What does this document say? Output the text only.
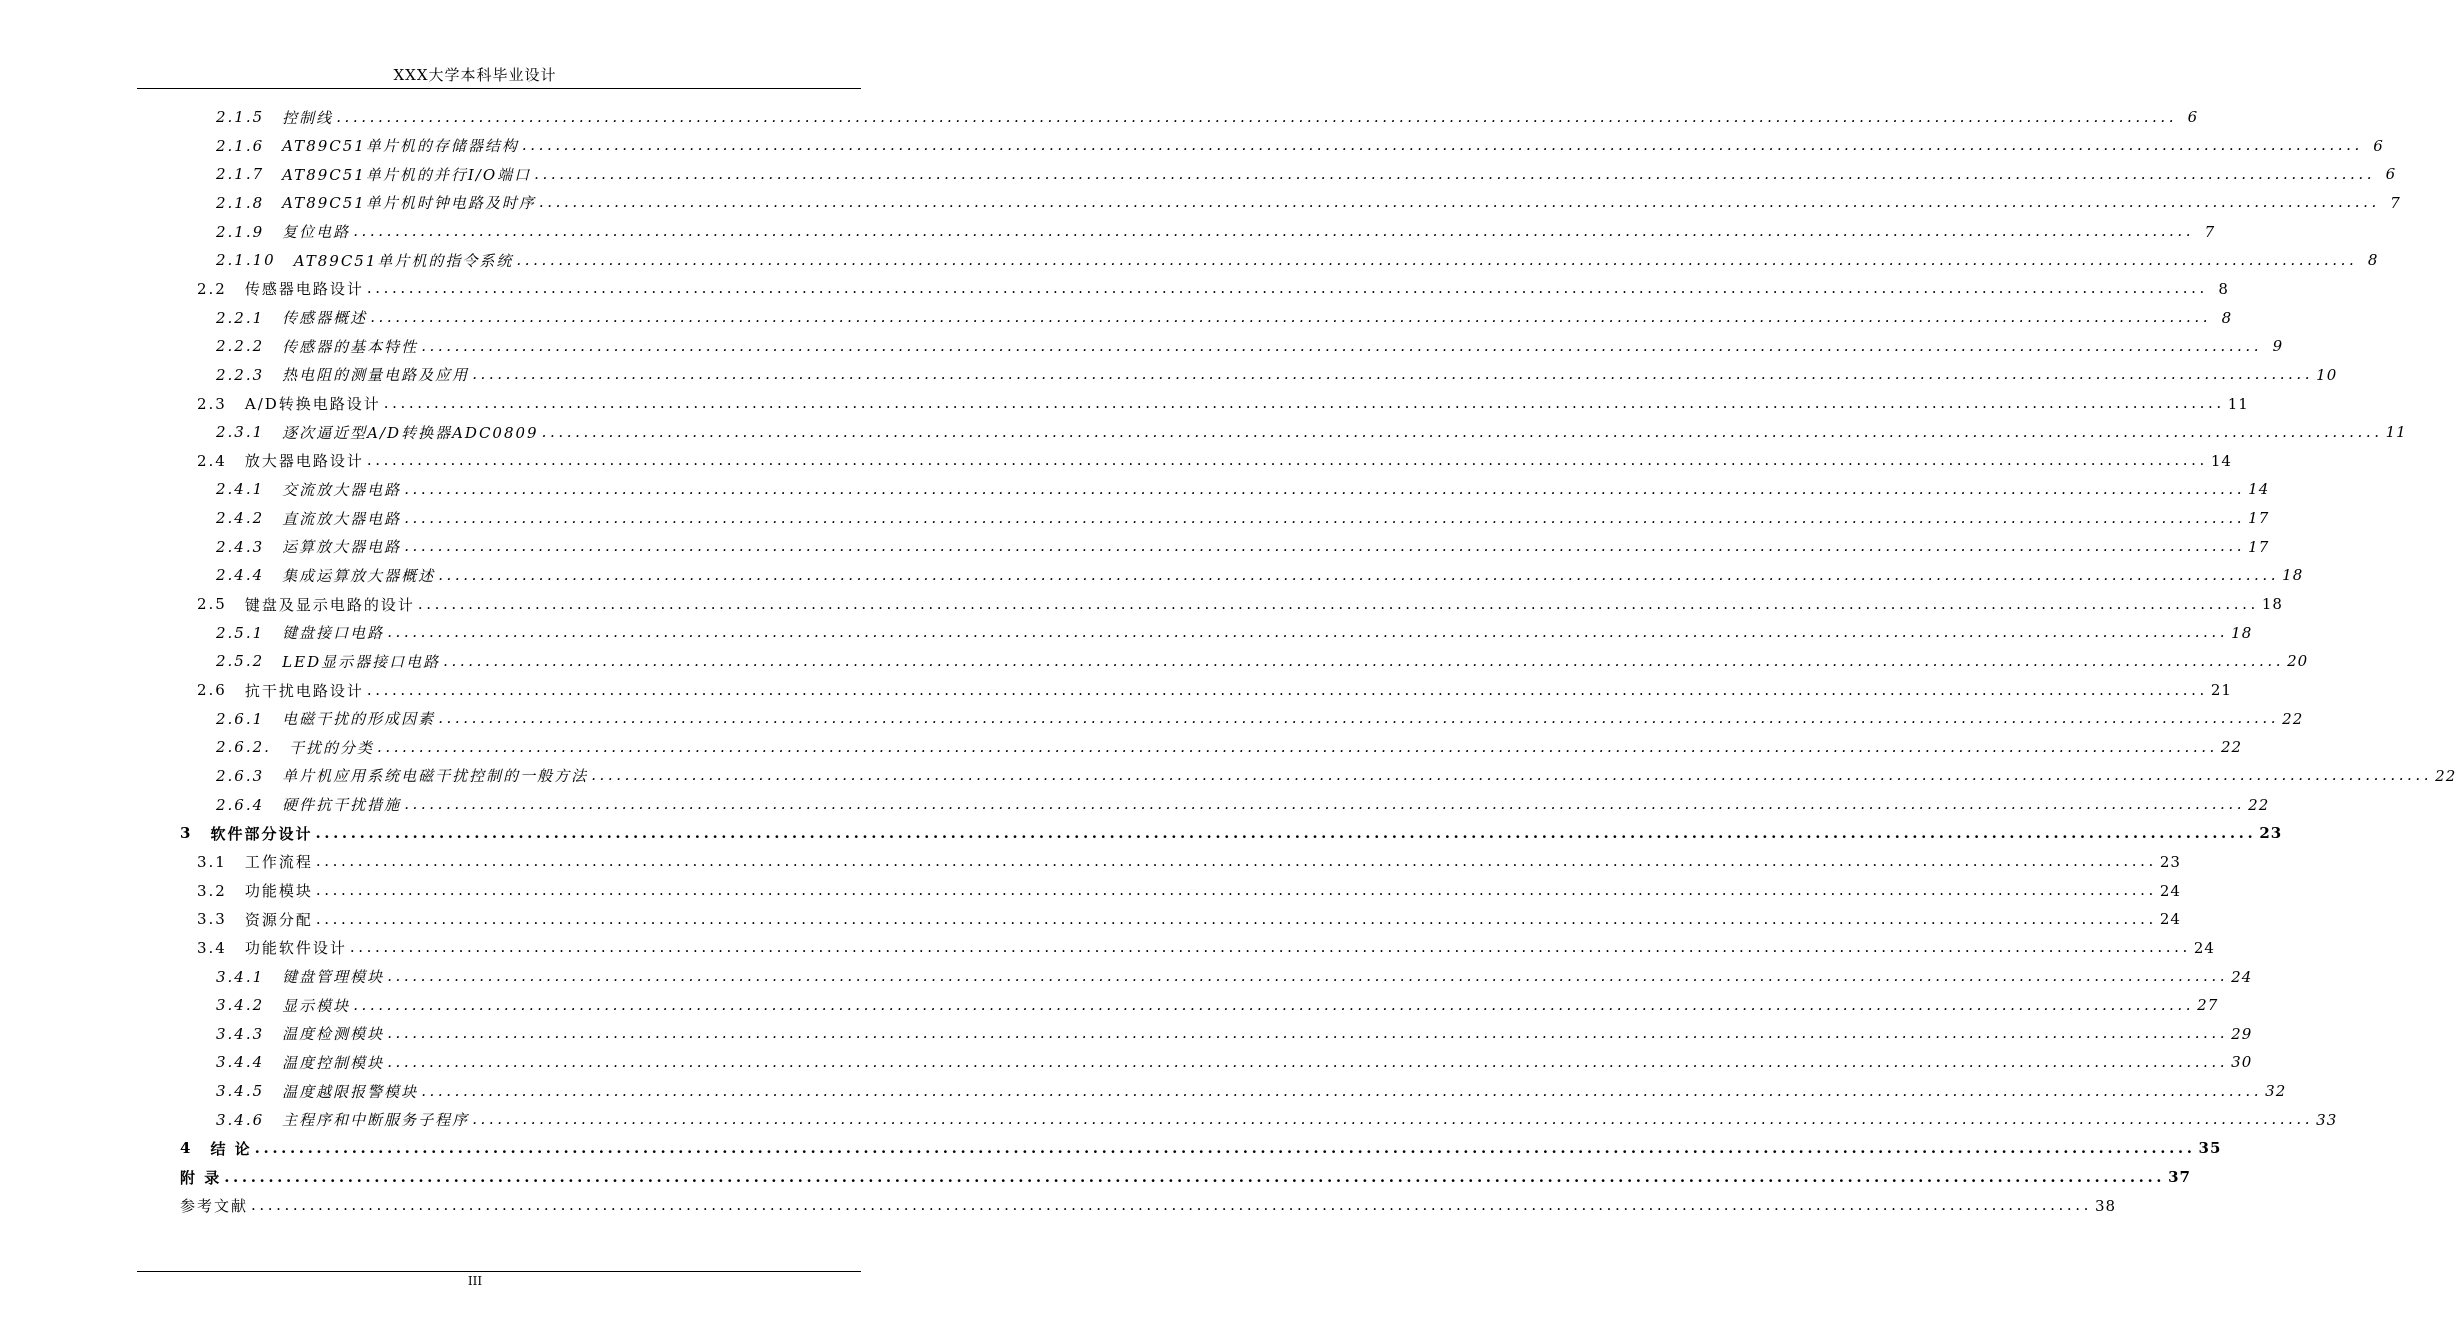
XXX大学本科毕业设计
2.1.5 控制线 ............................................................................................................................................................................................................................ 6
2.1.6 AT89C51单片机的存储器结构 ............................................................................................................................................................................................................................ 6
2.1.7 AT89C51单片机的并行I/O端口 ............................................................................................................................................................................................................................ 6
2.1.8 AT89C51单片机时钟电路及时序 ............................................................................................................................................................................................................................ 7
2.1.9 复位电路 ............................................................................................................................................................................................................................ 7
2.1.10 AT89C51单片机的指令系统 ............................................................................................................................................................................................................................ 8
2.2 传感器电路设计 ............................................................................................................................................................................................................................ 8
2.2.1 传感器概述 ............................................................................................................................................................................................................................ 8
2.2.2 传感器的基本特性 ............................................................................................................................................................................................................................ 9
2.2.3 热电阻的测量电路及应用 ............................................................................................................................................................................................................................ 10
2.3 A/D转换电路设计 ............................................................................................................................................................................................................................ 11
2.3.1 逐次逼近型A/D转换器ADC0809 ............................................................................................................................................................................................................................ 11
2.4 放大器电路设计 ............................................................................................................................................................................................................................ 14
2.4.1 交流放大器电路 ............................................................................................................................................................................................................................ 14
2.4.2 直流放大器电路 ............................................................................................................................................................................................................................ 17
2.4.3 运算放大器电路 ............................................................................................................................................................................................................................ 17
2.4.4 集成运算放大器概述 ............................................................................................................................................................................................................................ 18
2.5 键盘及显示电路的设计 ............................................................................................................................................................................................................................ 18
2.5.1 键盘接口电路 ............................................................................................................................................................................................................................ 18
2.5.2 LED显示器接口电路 ............................................................................................................................................................................................................................ 20
2.6 抗干扰电路设计 ............................................................................................................................................................................................................................ 21
2.6.1 电磁干扰的形成因素 ............................................................................................................................................................................................................................ 22
2.6.2. 干扰的分类 ............................................................................................................................................................................................................................ 22
2.6.3 单片机应用系统电磁干扰控制的一般方法 ............................................................................................................................................................................................................................ 22
2.6.4 硬件抗干扰措施 ............................................................................................................................................................................................................................ 22
3 软件部分设计 ............................................................................................................................................................................................................................ 23
3.1 工作流程 ............................................................................................................................................................................................................................ 23
3.2 功能模块 ............................................................................................................................................................................................................................ 24
3.3 资源分配 ............................................................................................................................................................................................................................ 24
3.4 功能软件设计 ............................................................................................................................................................................................................................ 24
3.4.1 键盘管理模块 ............................................................................................................................................................................................................................ 24
3.4.2 显示模块 ............................................................................................................................................................................................................................ 27
3.4.3 温度检测模块 ............................................................................................................................................................................................................................ 29
3.4.4 温度控制模块 ............................................................................................................................................................................................................................ 30
3.4.5 温度越限报警模块 ............................................................................................................................................................................................................................ 32
3.4.6 主程序和中断服务子程序 ............................................................................................................................................................................................................................ 33
4 结 论 ............................................................................................................................................................................................................................ 35
附 录 ............................................................................................................................................................................................................................ 37
参考文献 ............................................................................................................................................................................................................................ 38
III
